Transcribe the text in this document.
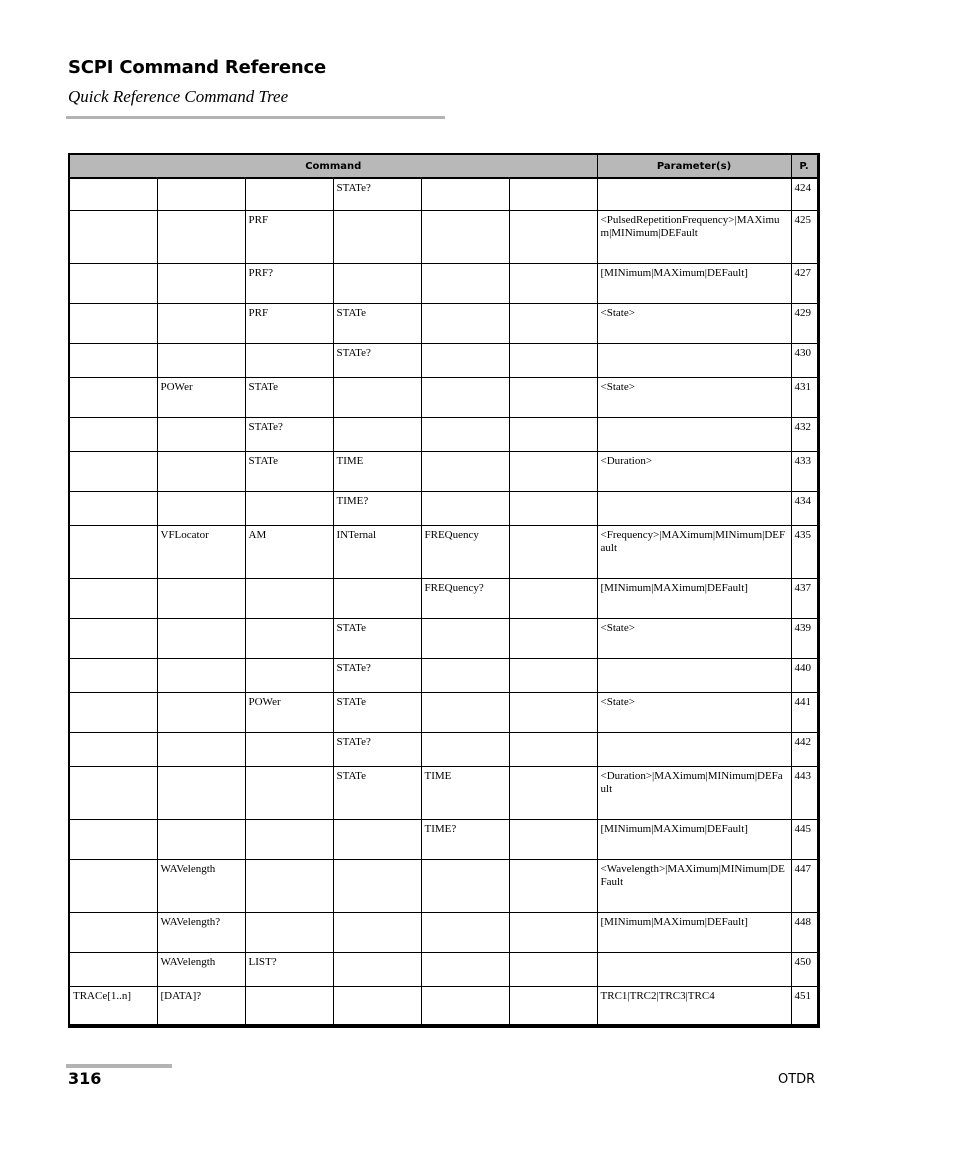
SCPI Command Reference
Quick Reference Command Tree
Command						Parameter(s)	P.
			STATe?				424
		PRF				<PulsedRepetitionFrequency>|MAXimum|MINimum|DEFault	425
		PRF?				[MINimum|MAXimum|DEFault]	427
		PRF	STATe			<State>	429
			STATe?				430
	POWer	STATe				<State>	431
		STATe?					432
		STATe	TIME			<Duration>	433
			TIME?				434
	VFLocator	AM	INTernal	FREQuency		<Frequency>|MAXimum|MINimum|DEFault	435
				FREQuency?		[MINimum|MAXimum|DEFault]	437
			STATe			<State>	439
			STATe?				440
		POWer	STATe			<State>	441
			STATe?				442
			STATe	TIME		<Duration>|MAXimum|MINimum|DEFault	443
				TIME?		[MINimum|MAXimum|DEFault]	445
	WAVelength					<Wavelength>|MAXimum|MINimum|DEFault	447
	WAVelength?					[MINimum|MAXimum|DEFault]	448
	WAVelength	LIST?					450
TRACe[1..n]	[DATA]?					TRC1|TRC2|TRC3|TRC4	451
316	OTDR
